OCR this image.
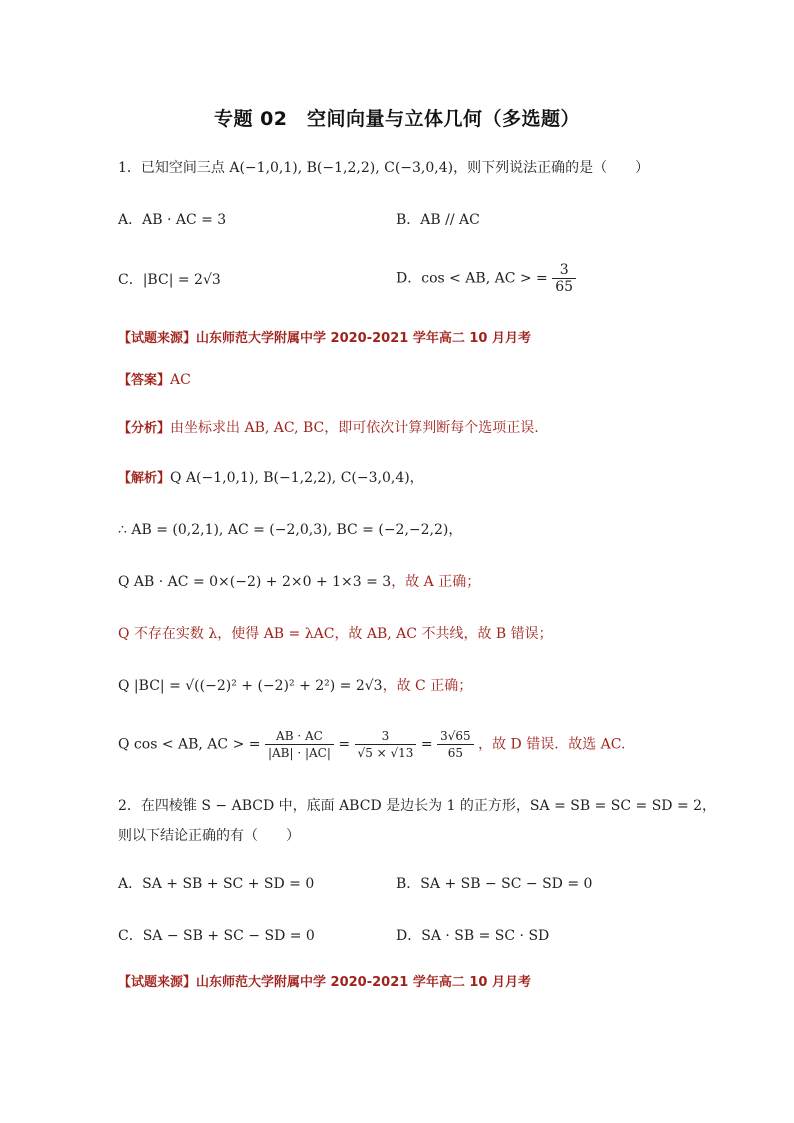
专题 02　空间向量与立体几何（多选题）
1．已知空间三点 A(−1,0,1), B(−1,2,2), C(−3,0,4)，则下列说法正确的是（　　）
A．AB · AC = 3	B．AB // AC
C．|BC| = 2√3	D．cos < AB, AC > = $\frac{3}{65}$
【试题来源】山东师范大学附属中学 2020-2021 学年高二 10 月月考
【答案】AC
【分析】由坐标求出 AB, AC, BC，即可依次计算判断每个选项正误.
【解析】Q A(−1,0,1), B(−1,2,2), C(−3,0,4)，
∴ AB = (0,2,1), AC = (−2,0,3), BC = (−2,−2,2)，
Q AB · AC = 0×(−2) + 2×0 + 1×3 = 3，故 A 正确；
Q 不存在实数 λ，使得 AB = λAC，故 AB, AC 不共线，故 B 错误；
Q |BC| = √((−2)² + (−2)² + 2²) = 2√3，故 C 正确；
Q cos < AB, AC > = $\frac{AB \cdot AC}{|AB| \cdot |AC|} = \frac{3}{√5 \times √13} = \frac{3√65}{65}$ ，故 D 错误．故选 AC.
2．在四棱锥 S − ABCD 中，底面 ABCD 是边长为 1 的正方形，SA = SB = SC = SD = 2，
则以下结论正确的有（　　）
A．SA + SB + SC + SD = 0	B．SA + SB − SC − SD = 0
C．SA − SB + SC − SD = 0	D．SA · SB = SC · SD
【试题来源】山东师范大学附属中学 2020-2021 学年高二 10 月月考
